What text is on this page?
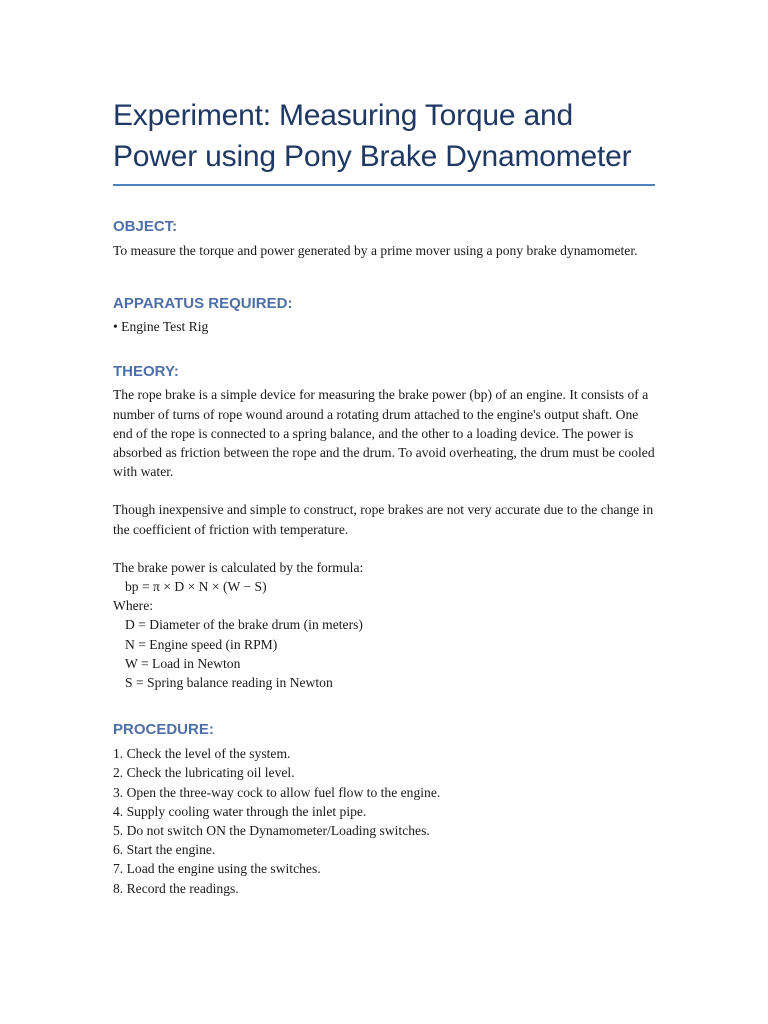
Experiment: Measuring Torque and Power using Pony Brake Dynamometer
OBJECT:

To measure the torque and power generated by a prime mover using a pony brake dynamometer.

APPARATUS REQUIRED:

• Engine Test Rig

THEORY:

The rope brake is a simple device for measuring the brake power (bp) of an engine. It consists of a number of turns of rope wound around a rotating drum attached to the engine's output shaft. One end of the rope is connected to a spring balance, and the other to a loading device. The power is absorbed as friction between the rope and the drum. To avoid overheating, the drum must be cooled with water.

Though inexpensive and simple to construct, rope brakes are not very accurate due to the change in the coefficient of friction with temperature.

The brake power is calculated by the formula:

bp = π × D × N × (W − S)

Where:

D = Diameter of the brake drum (in meters)

N = Engine speed (in RPM)

W = Load in Newton

S = Spring balance reading in Newton

PROCEDURE:
1. Check the level of the system.
2. Check the lubricating oil level.
3. Open the three-way cock to allow fuel flow to the engine.
4. Supply cooling water through the inlet pipe.
5. Do not switch ON the Dynamometer/Loading switches.
6. Start the engine.
7. Load the engine using the switches.
8. Record the readings.
